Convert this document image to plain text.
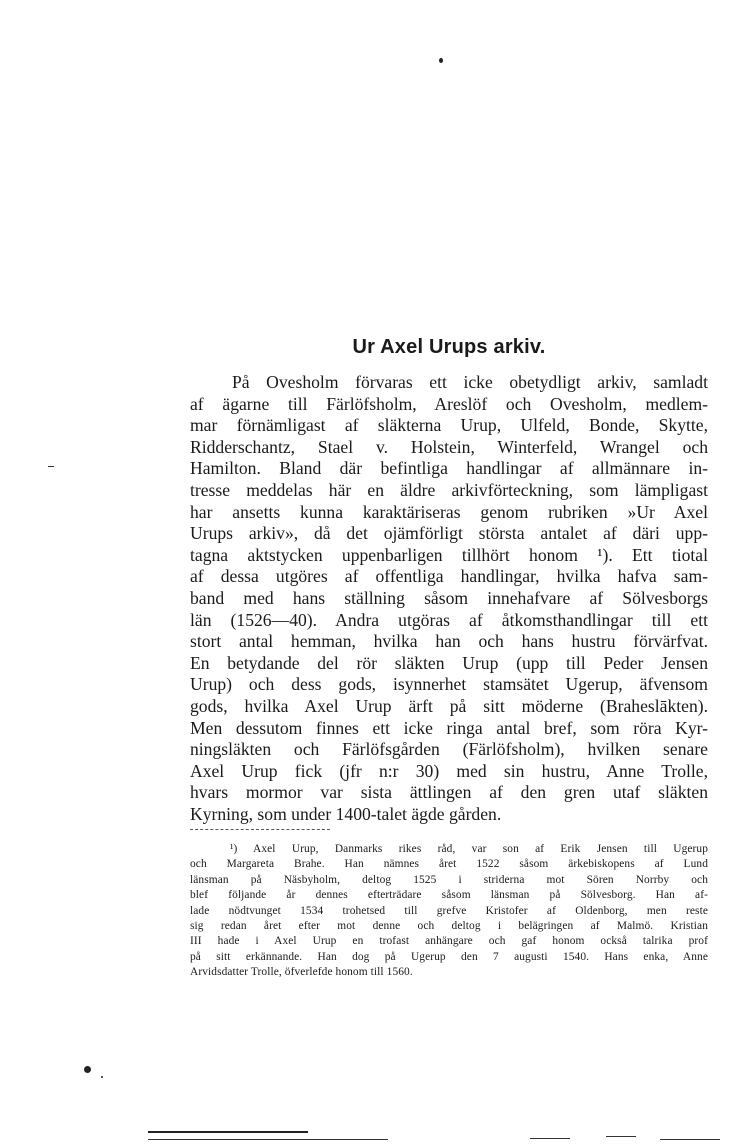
Ur Axel Urups arkiv.
På Ovesholm förvaras ett icke obetydligt arkiv, samladt
af ägarne till Färlöfsholm, Areslöf och Ovesholm, medlem-
mar förnämligast af släkterna Urup, Ulfeld, Bonde, Skytte,
Ridderschantz, Stael v. Holstein, Winterfeld, Wrangel och
Hamilton. Bland där befintliga handlingar af allmännare in-
tresse meddelas här en äldre arkivförteckning, som lämpligast
har ansetts kunna karaktäriseras genom rubriken »Ur Axel
Urups arkiv», då det ojämförligt största antalet af däri upp-
tagna aktstycken uppenbarligen tillhört honom ¹). Ett tiotal
af dessa utgöres af offentliga handlingar, hvilka hafva sam-
band med hans ställning såsom innehafvare af Sölvesborgs
län (1526—40). Andra utgöras af åtkomsthandlingar till ett
stort antal hemman, hvilka han och hans hustru förvärfvat.
En betydande del rör släkten Urup (upp till Peder Jensen
Urup) och dess gods, isynnerhet stamsätet Ugerup, äfvensom
gods, hvilka Axel Urup ärft på sitt möderne (Braheslākten).
Men dessutom finnes ett icke ringa antal bref, som röra Kyr-
ningsläkten och Färlöfsgården (Färlöfsholm), hvilken senare
Axel Urup fick (jfr n:r 30) med sin hustru, Anne Trolle,
hvars mormor var sista ättlingen af den gren utaf släkten
Kyrning, som under 1400-talet ägde gården.
¹) Axel Urup, Danmarks rikes råd, var son af Erik Jensen till Ugerup
och Margareta Brahe. Han nämnes året 1522 såsom ärkebiskopens af Lund
länsman på Näsbyholm, deltog 1525 i striderna mot Sören Norrby och
blef följande år dennes efterträdare såsom länsman på Sölvesborg. Han af-
lade nödtvunget 1534 trohetsed till grefve Kristofer af Oldenborg, men reste
sig redan året efter mot denne och deltog i belägringen af Malmö. Kristian
III hade i Axel Urup en trofast anhängare och gaf honom också talrika prof
på sitt erkännande. Han dog på Ugerup den 7 augusti 1540. Hans enka, Anne
Arvidsdatter Trolle, öfverlefde honom till 1560.
